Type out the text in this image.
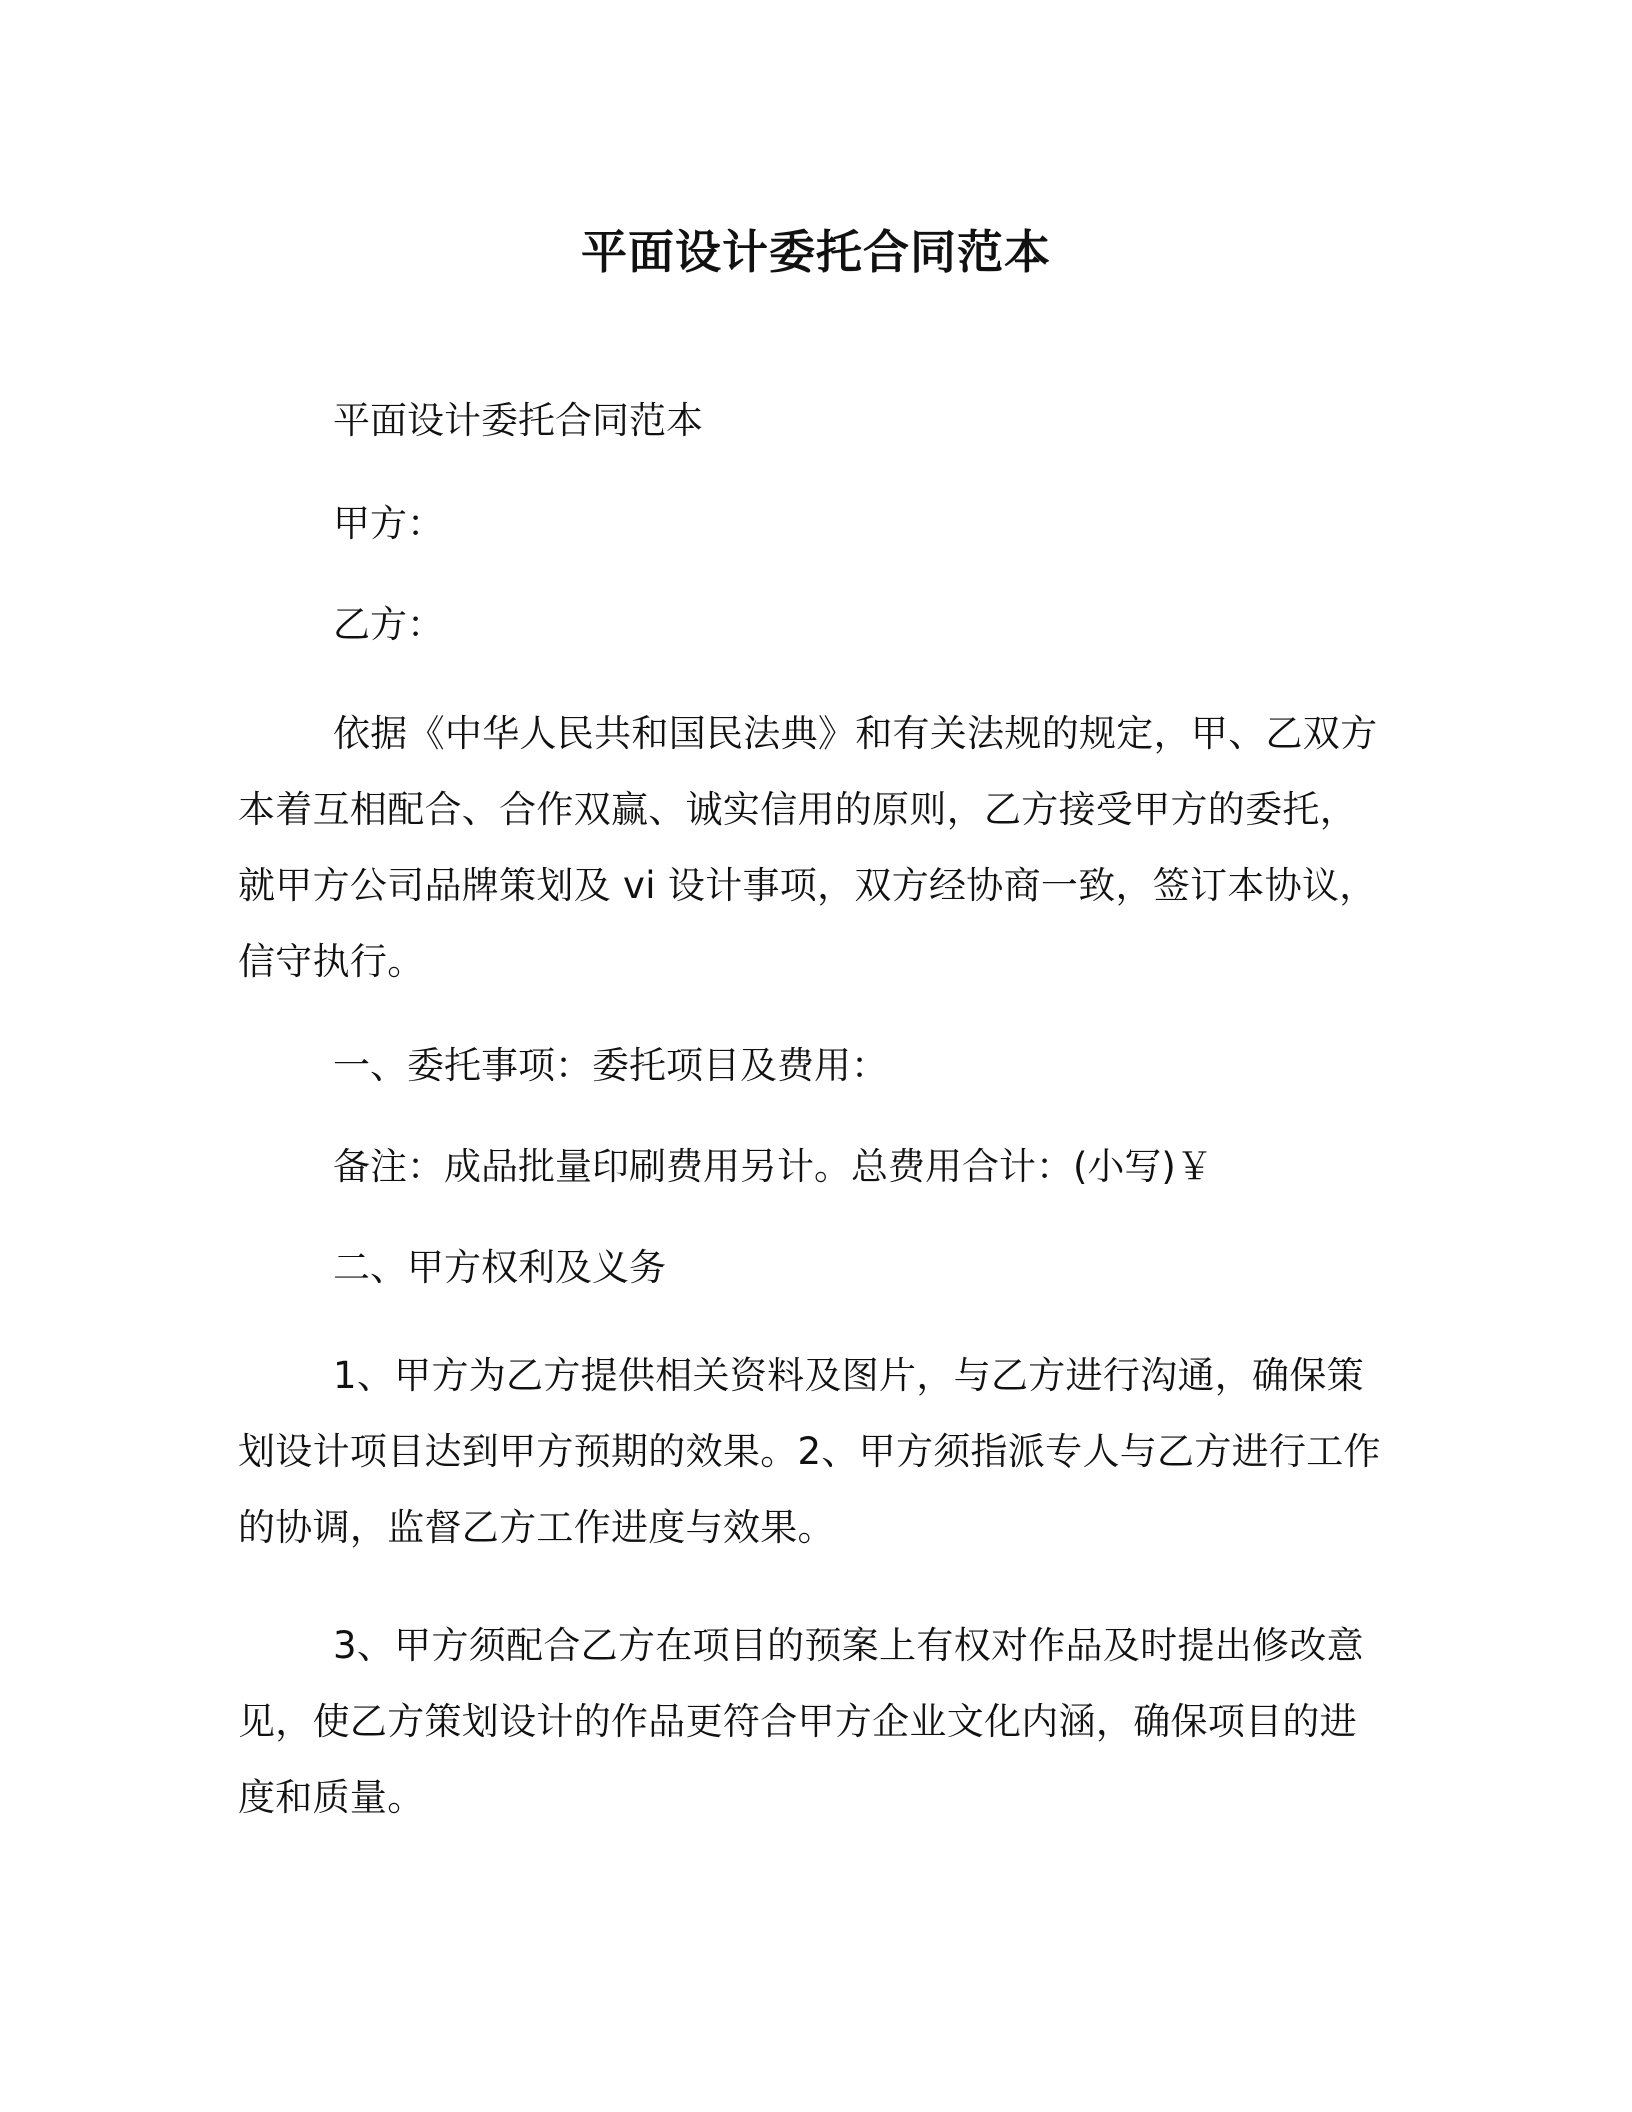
平面设计委托合同范本

平面设计委托合同范本

甲方：

乙方：

依据《中华人民共和国民法典》和有关法规的规定，甲、乙双方
本着互相配合、合作双赢、诚实信用的原则，乙方接受甲方的委托，
就甲方公司品牌策划及 vi 设计事项，双方经协商一致，签订本协议，
信守执行。

一、委托事项：委托项目及费用：

备注：成品批量印刷费用另计。总费用合计：(小写)￥

二、甲方权利及义务

1、甲方为乙方提供相关资料及图片，与乙方进行沟通，确保策
划设计项目达到甲方预期的效果。2、甲方须指派专人与乙方进行工作
的协调，监督乙方工作进度与效果。
3、甲方须配合乙方在项目的预案上有权对作品及时提出修改意
见，使乙方策划设计的作品更符合甲方企业文化内涵，确保项目的进
度和质量。
